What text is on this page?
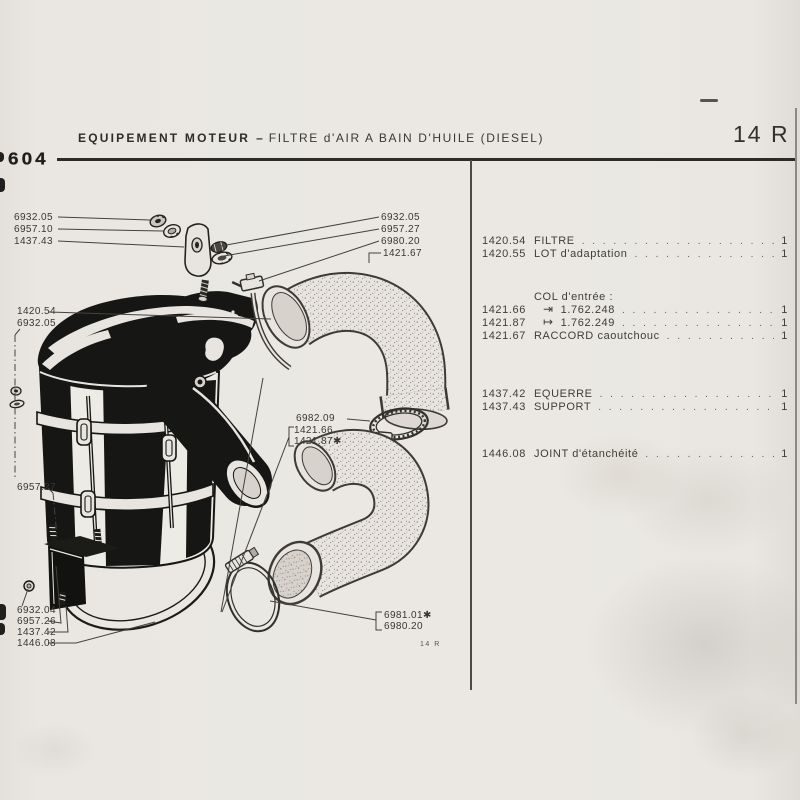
604
EQUIPEMENT MOTEUR – FILTRE d'AIR A BAIN D'HUILE (DIESEL)	14 R
6932.05
6957.10
1437.43
6932.05
6957.27
6980.20
1421.67
1420.54
6932.05
6957.27
6932.04
6957.26
1437.42
1446.08
6982.09
1421.66
1421.87✱
6981.01✱
6980.20
14 R
1420.54 FILTRE . . .	1
1420.55 LOT d'adaptation . . .	1
COL d'entrée :
1421.66	⇥ 1.762.248 . . .	1
1421.87	↦ 1.762.249 . . .	1
1421.67 RACCORD caoutchouc . . .	1
1437.42 EQUERRE . . .	1
1437.43 SUPPORT . . .	1
1446.08 JOINT d'étanchéité . . .	1
